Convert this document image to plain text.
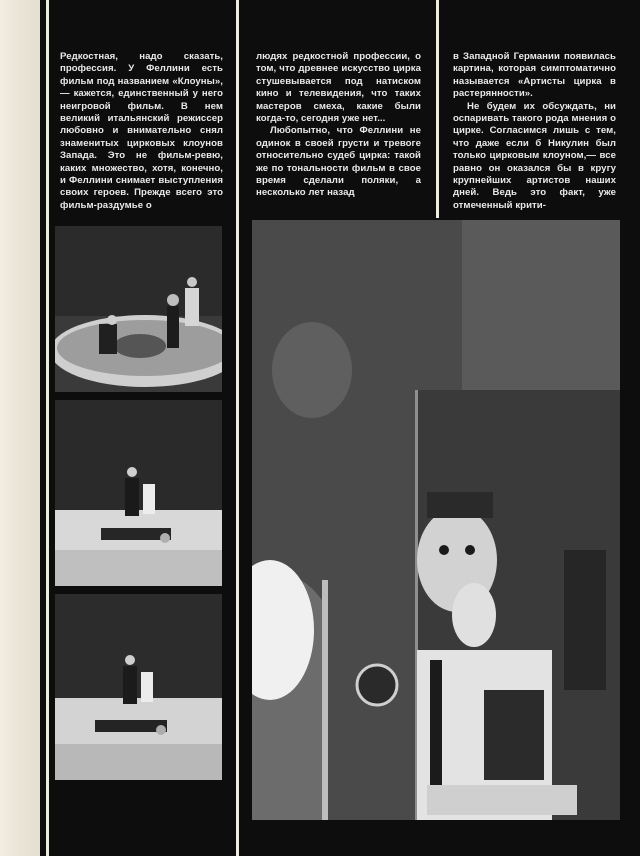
Редкостная, надо сказать, профессия. У Феллини есть фильм под названием «Клоуны»,— кажется, единственный у него неигровой фильм. В нем великий итальянский режиссер любовно и внимательно снял знаменитых цирковых клоунов Запада. Это не фильм-ревю, каких множество, хотя, конечно, и Феллини снимает выступления своих героев. Прежде всего это фильм-раздумье о

людях редкостной профессии, о том, что древнее искусство цирка стушевывается под натиском кино и телевидения, что таких мастеров смеха, какие были когда-то, сегодня уже нет...

Любопытно, что Феллини не одинок в своей грусти и тревоге относительно судеб цирка: такой же по тональности фильм в свое время сделали поляки, а несколько лет назад

в Западной Германии появилась картина, которая симптоматично называется «Артисты цирка в растерянности».

Не будем их обсуждать, ни оспаривать такого рода мнения о цирке. Согласимся лишь с тем, что даже если б Никулин был только цирковым клоуном,— все равно он оказался бы в кругу крупнейших артистов наших дней. Ведь это факт, уже отмеченный крити-
